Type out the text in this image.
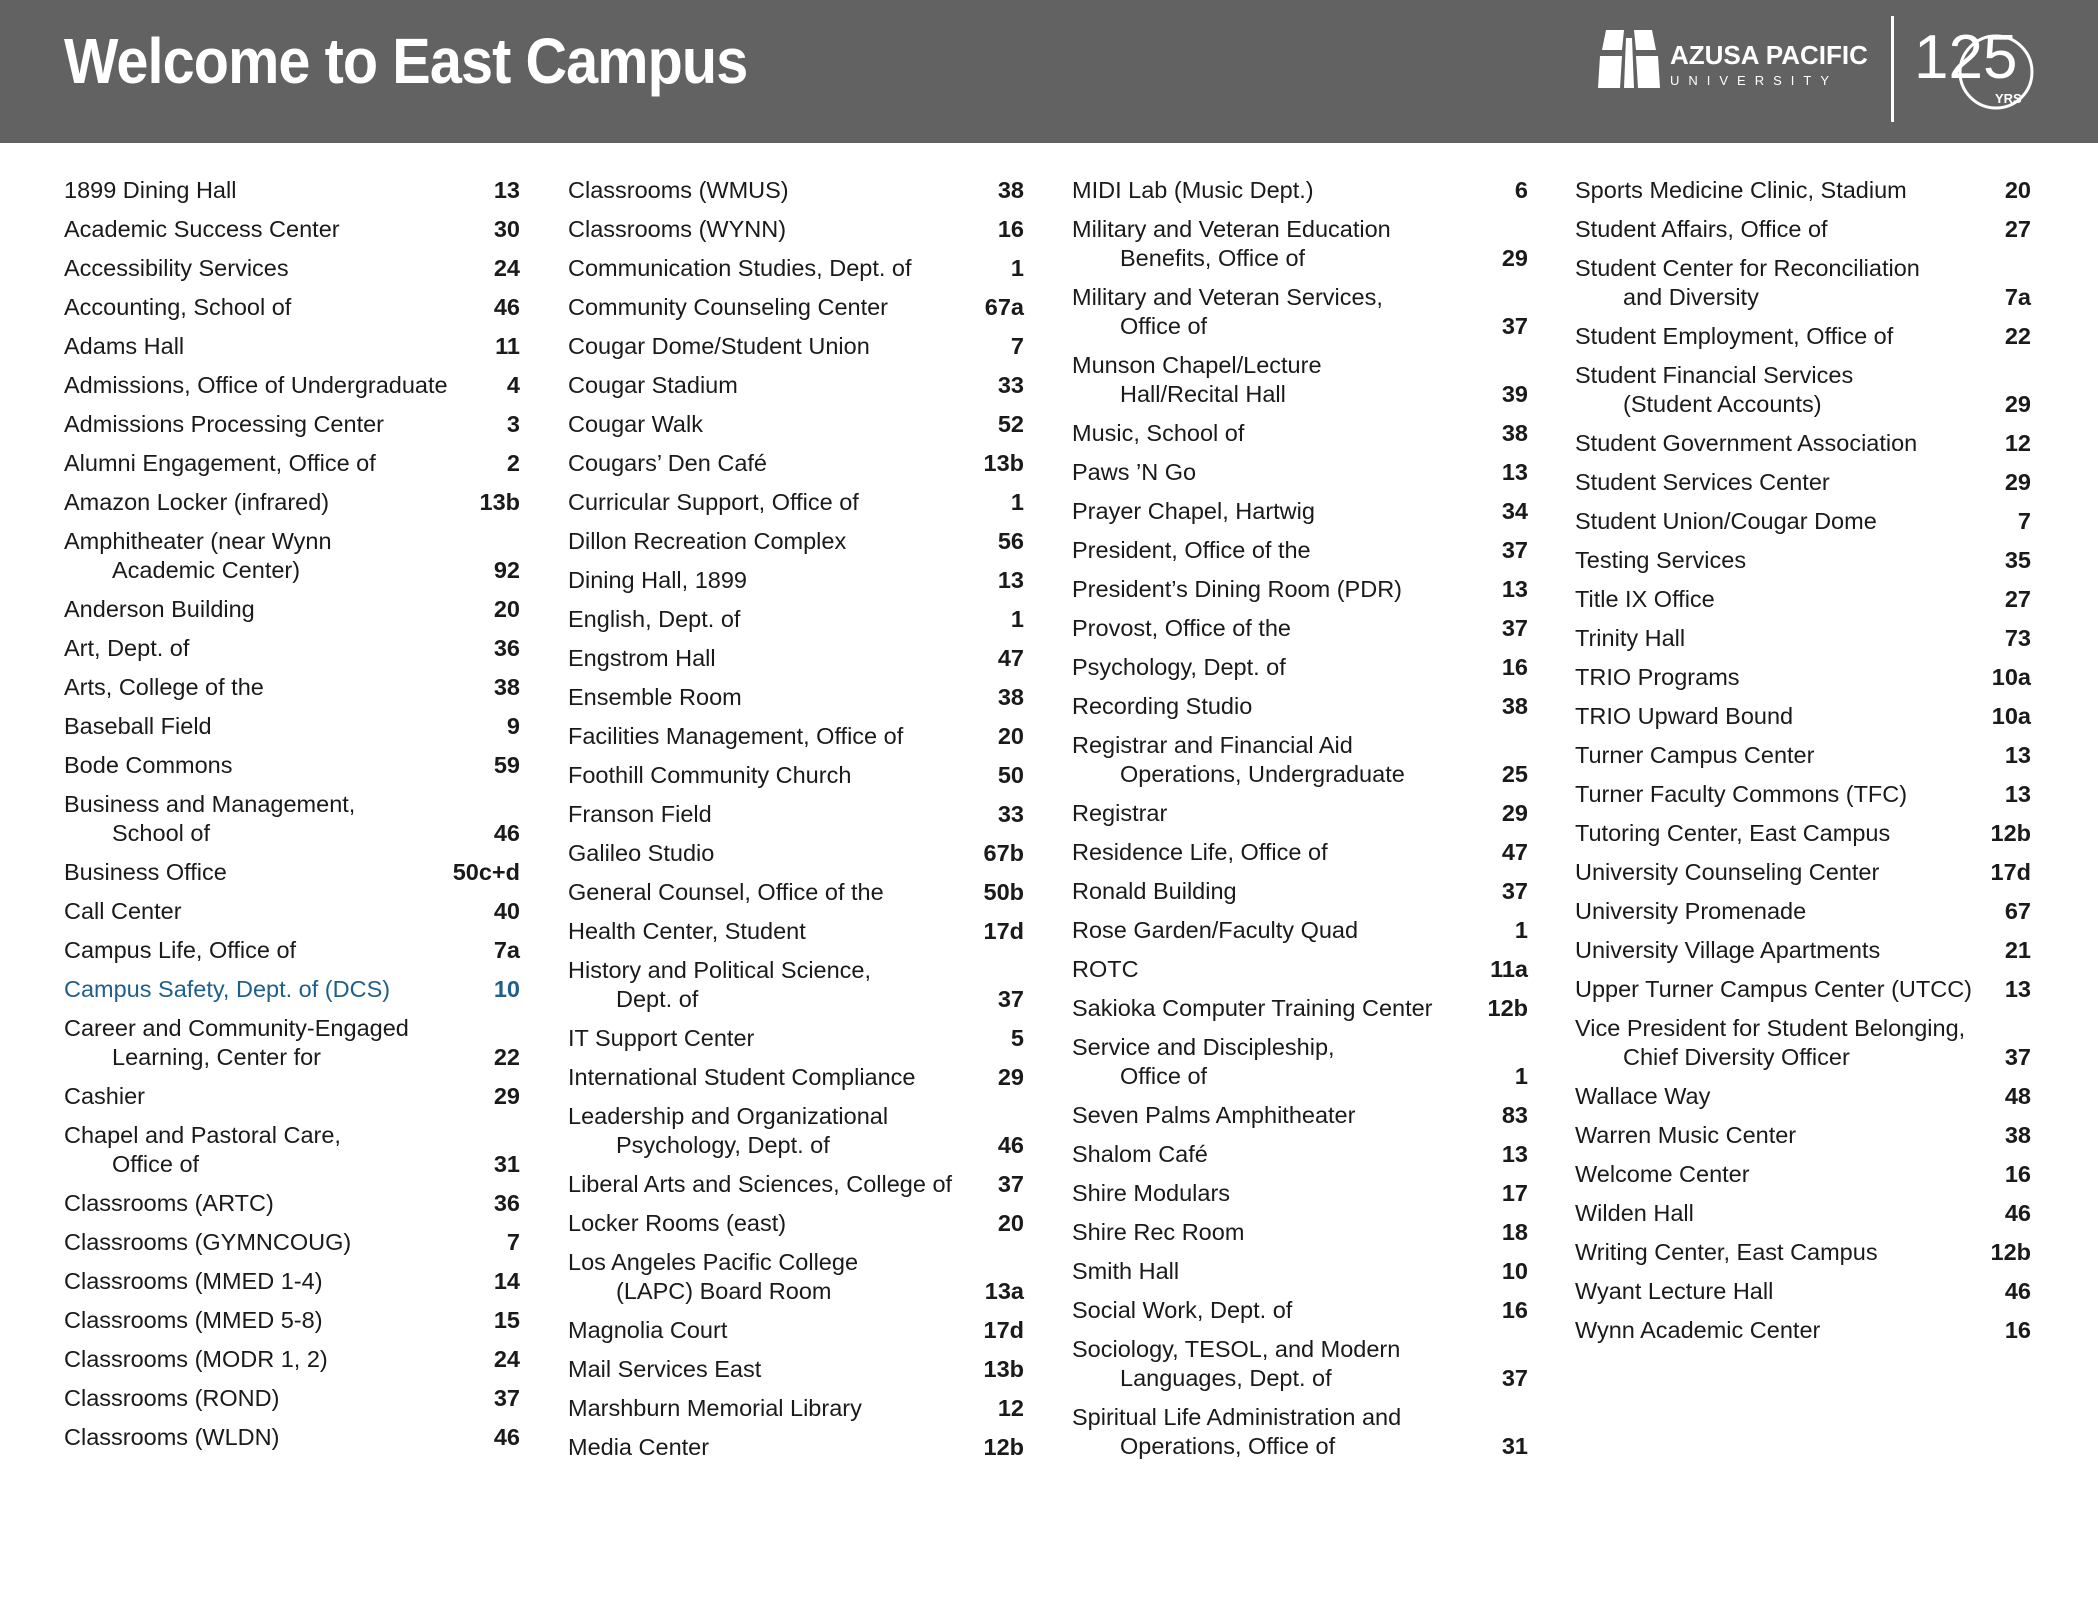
Welcome to East Campus	AZUSA PACIFIC
UNIVERSITY	125
YRS
1899 Dining Hall	13
Academic Success Center	30
Accessibility Services	24
Accounting, School of	46
Adams Hall	11
Admissions, Office of Undergraduate	4
Admissions Processing Center	3
Alumni Engagement, Office of	2
Amazon Locker (infrared)	13b
Amphitheater (near Wynn
Academic Center)	92
Anderson Building	20
Art, Dept. of	36
Arts, College of the	38
Baseball Field	9
Bode Commons	59
Business and Management,
School of	46
Business Office	50c+d
Call Center	40
Campus Life, Office of	7a
Campus Safety, Dept. of (DCS)	10
Career and Community-Engaged
Learning, Center for	22
Cashier	29
Chapel and Pastoral Care,
Office of	31
Classrooms (ARTC)	36
Classrooms (GYMNCOUG)	7
Classrooms (MMED 1-4)	14
Classrooms (MMED 5-8)	15
Classrooms (MODR 1, 2)	24
Classrooms (ROND)	37
Classrooms (WLDN)	46
Classrooms (WMUS)	38
Classrooms (WYNN)	16
Communication Studies, Dept. of	1
Community Counseling Center	67a
Cougar Dome/Student Union	7
Cougar Stadium	33
Cougar Walk	52
Cougars’ Den Café	13b
Curricular Support, Office of	1
Dillon Recreation Complex	56
Dining Hall, 1899	13
English, Dept. of	1
Engstrom Hall	47
Ensemble Room	38
Facilities Management, Office of	20
Foothill Community Church	50
Franson Field	33
Galileo Studio	67b
General Counsel, Office of the	50b
Health Center, Student	17d
History and Political Science,
Dept. of	37
IT Support Center	5
International Student Compliance	29
Leadership and Organizational
Psychology, Dept. of	46
Liberal Arts and Sciences, College of	37
Locker Rooms (east)	20
Los Angeles Pacific College
(LAPC) Board Room	13a
Magnolia Court	17d
Mail Services East	13b
Marshburn Memorial Library	12
Media Center	12b
MIDI Lab (Music Dept.)	6
Military and Veteran Education
Benefits, Office of	29
Military and Veteran Services,
Office of	37
Munson Chapel/Lecture
Hall/Recital Hall	39
Music, School of	38
Paws ’N Go	13
Prayer Chapel, Hartwig	34
President, Office of the	37
President’s Dining Room (PDR)	13
Provost, Office of the	37
Psychology, Dept. of	16
Recording Studio	38
Registrar and Financial Aid
Operations, Undergraduate	25
Registrar	29
Residence Life, Office of	47
Ronald Building	37
Rose Garden/Faculty Quad	1
ROTC	11a
Sakioka Computer Training Center	12b
Service and Discipleship,
Office of	1
Seven Palms Amphitheater	83
Shalom Café	13
Shire Modulars	17
Shire Rec Room	18
Smith Hall	10
Social Work, Dept. of	16
Sociology, TESOL, and Modern
Languages, Dept. of	37
Spiritual Life Administration and
Operations, Office of	31
Sports Medicine Clinic, Stadium	20
Student Affairs, Office of	27
Student Center for Reconciliation
and Diversity	7a
Student Employment, Office of	22
Student Financial Services
(Student Accounts)	29
Student Government Association	12
Student Services Center	29
Student Union/Cougar Dome	7
Testing Services	35
Title IX Office	27
Trinity Hall	73
TRIO Programs	10a
TRIO Upward Bound	10a
Turner Campus Center	13
Turner Faculty Commons (TFC)	13
Tutoring Center, East Campus	12b
University Counseling Center	17d
University Promenade	67
University Village Apartments	21
Upper Turner Campus Center (UTCC)	13
Vice President for Student Belonging,
Chief Diversity Officer	37
Wallace Way	48
Warren Music Center	38
Welcome Center	16
Wilden Hall	46
Writing Center, East Campus	12b
Wyant Lecture Hall	46
Wynn Academic Center	16
